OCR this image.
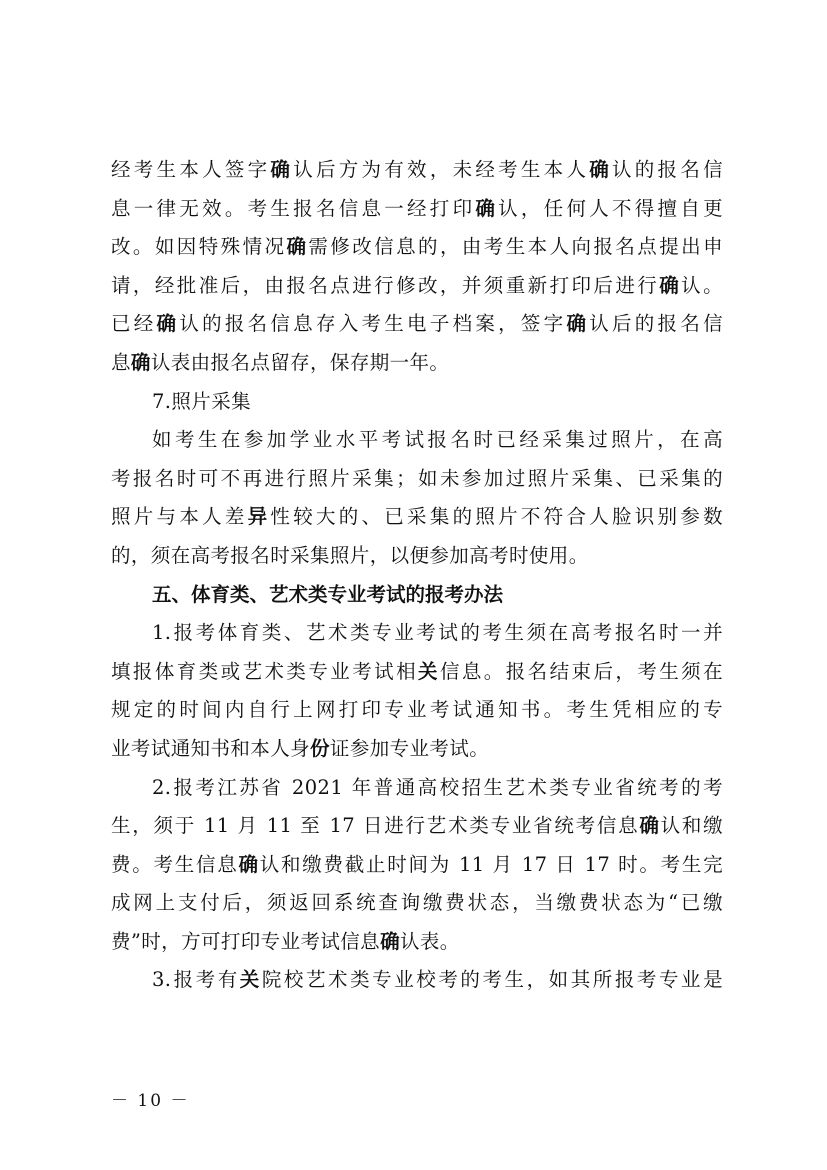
经考生本人签字确认后方为有效，未经考生本人确认的报名信
息一律无效。考生报名信息一经打印确认，任何人不得擅自更
改。如因特殊情况确需修改信息的，由考生本人向报名点提出申
请，经批准后，由报名点进行修改，并须重新打印后进行确认。
已经确认的报名信息存入考生电子档案，签字确认后的报名信
息确认表由报名点留存，保存期一年。
7.照片采集
如考生在参加学业水平考试报名时已经采集过照片，在高
考报名时可不再进行照片采集；如未参加过照片采集、已采集的
照片与本人差异性较大的、已采集的照片不符合人脸识别参数
的，须在高考报名时采集照片，以便参加高考时使用。
五、体育类、艺术类专业考试的报考办法
1.报考体育类、艺术类专业考试的考生须在高考报名时一并
填报体育类或艺术类专业考试相关信息。报名结束后，考生须在
规定的时间内自行上网打印专业考试通知书。考生凭相应的专
业考试通知书和本人身份证参加专业考试。
2.报考江苏省 2021 年普通高校招生艺术类专业省统考的考
生，须于 11 月 11 至 17 日进行艺术类专业省统考信息确认和缴
费。考生信息确认和缴费截止时间为 11 月 17 日 17 时。考生完
成网上支付后，须返回系统查询缴费状态，当缴费状态为“已缴
费”时，方可打印专业考试信息确认表。
3.报考有关院校艺术类专业校考的考生，如其所报考专业是
－ 10 －
